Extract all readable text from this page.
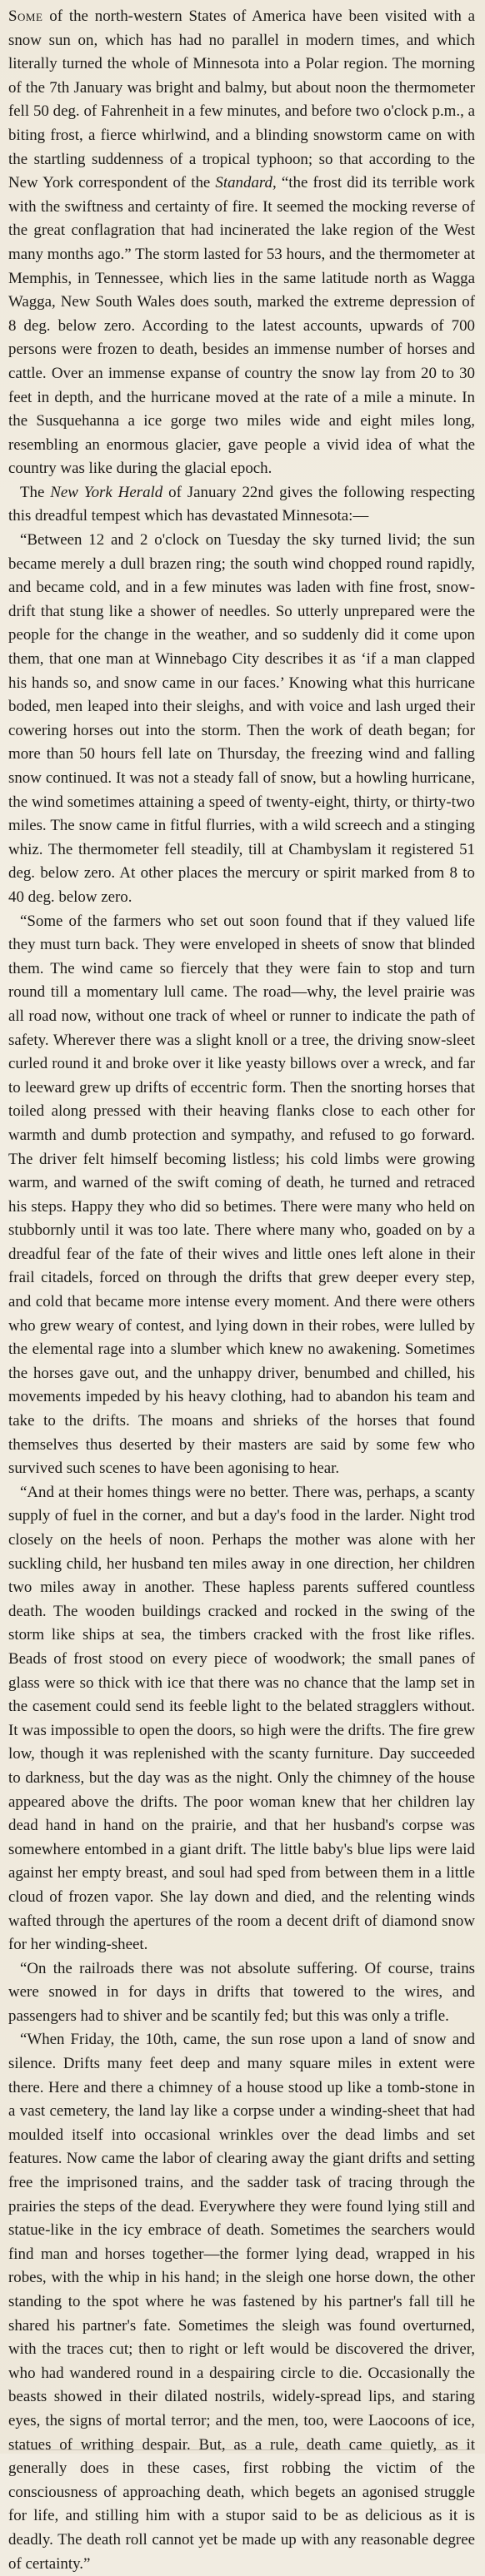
Some of the north-western States of America have been visited with a snow sun on, which has had no parallel in modern times, and which literally turned the whole of Minnesota into a Polar region. The morning of the 7th January was bright and balmy, but about noon the thermometer fell 50 deg. of Fahrenheit in a few minutes, and before two o'clock p.m., a biting frost, a fierce whirlwind, and a blinding snowstorm came on with the startling suddenness of a tropical typhoon; so that according to the New York correspondent of the Standard, “the frost did its terrible work with the swiftness and certainty of fire. It seemed the mocking reverse of the great conflagration that had incinerated the lake region of the West many months ago.” The storm lasted for 53 hours, and the thermometer at Memphis, in Tennessee, which lies in the same latitude north as Wagga Wagga, New South Wales does south, marked the extreme depression of 8 deg. below zero. According to the latest accounts, upwards of 700 persons were frozen to death, besides an immense number of horses and cattle. Over an immense expanse of country the snow lay from 20 to 30 feet in depth, and the hurricane moved at the rate of a mile a minute. In the Susquehanna a ice gorge two miles wide and eight miles long, resembling an enormous glacier, gave people a vivid idea of what the country was like during the glacial epoch.

The New York Herald of January 22nd gives the following respecting this dreadful tempest which has devastated Minnesota:—

“Between 12 and 2 o'clock on Tuesday the sky turned livid; the sun became merely a dull brazen ring; the south wind chopped round rapidly, and became cold, and in a few minutes was laden with fine frost, snow-drift that stung like a shower of needles. So utterly unprepared were the people for the change in the weather, and so suddenly did it come upon them, that one man at Winnebago City describes it as ‘if a man clapped his hands so, and snow came in our faces.’ Knowing what this hurricane boded, men leaped into their sleighs, and with voice and lash urged their cowering horses out into the storm. Then the work of death began; for more than 50 hours fell late on Thursday, the freezing wind and falling snow continued. It was not a steady fall of snow, but a howling hurricane, the wind sometimes attaining a speed of twenty-eight, thirty, or thirty-two miles. The snow came in fitful flurries, with a wild screech and a stinging whiz. The thermometer fell steadily, till at Chambyslam it registered 51 deg. below zero. At other places the mercury or spirit marked from 8 to 40 deg. below zero.

“Some of the farmers who set out soon found that if they valued life they must turn back. They were enveloped in sheets of snow that blinded them. The wind came so fiercely that they were fain to stop and turn round till a momentary lull came. The road—why, the level prairie was all road now, without one track of wheel or runner to indicate the path of safety. Wherever there was a slight knoll or a tree, the driving snow-sleet curled round it and broke over it like yeasty billows over a wreck, and far to leeward grew up drifts of eccentric form. Then the snorting horses that toiled along pressed with their heaving flanks close to each other for warmth and dumb protection and sympathy, and refused to go forward. The driver felt himself becoming listless; his cold limbs were growing warm, and warned of the swift coming of death, he turned and retraced his steps. Happy they who did so betimes. There were many who held on stubbornly until it was too late. There where many who, goaded on by a dreadful fear of the fate of their wives and little ones left alone in their frail citadels, forced on through the drifts that grew deeper every step, and cold that became more intense every moment. And there were others who grew weary of contest, and lying down in their robes, were lulled by the elemental rage into a slumber which knew no awakening. Sometimes the horses gave out, and the unhappy driver, benumbed and chilled, his movements impeded by his heavy clothing, had to abandon his team and take to the drifts. The moans and shrieks of the horses that found themselves thus deserted by their masters are said by some few who survived such scenes to have been agonising to hear.

“And at their homes things were no better. There was, perhaps, a scanty supply of fuel in the corner, and but a day's food in the larder. Night trod closely on the heels of noon. Perhaps the mother was alone with her suckling child, her husband ten miles away in one direction, her children two miles away in another. These hapless parents suffered countless death. The wooden buildings cracked and rocked in the swing of the storm like ships at sea, the timbers cracked with the frost like rifles. Beads of frost stood on every piece of woodwork; the small panes of glass were so thick with ice that there was no chance that the lamp set in the casement could send its feeble light to the belated stragglers without. It was impossible to open the doors, so high were the drifts. The fire grew low, though it was replenished with the scanty furniture. Day succeeded to darkness, but the day was as the night. Only the chimney of the house appeared above the drifts. The poor woman knew that her children lay dead hand in hand on the prairie, and that her husband's corpse was somewhere entombed in a giant drift. The little baby's blue lips were laid against her empty breast, and soul had sped from between them in a little cloud of frozen vapor. She lay down and died, and the relenting winds wafted through the apertures of the room a decent drift of diamond snow for her winding-sheet.

“On the railroads there was not absolute suffering. Of course, trains were snowed in for days in drifts that towered to the wires, and passengers had to shiver and be scantily fed; but this was only a trifle.

“When Friday, the 10th, came, the sun rose upon a land of snow and silence. Drifts many feet deep and many square miles in extent were there. Here and there a chimney of a house stood up like a tomb-stone in a vast cemetery, the land lay like a corpse under a winding-sheet that had moulded itself into occasional wrinkles over the dead limbs and set features. Now came the labor of clearing away the giant drifts and setting free the imprisoned trains, and the sadder task of tracing through the prairies the steps of the dead. Everywhere they were found lying still and statue-like in the icy embrace of death. Sometimes the searchers would find man and horses together—the former lying dead, wrapped in his robes, with the whip in his hand; in the sleigh one horse down, the other standing to the spot where he was fastened by his partner's fall till he shared his partner's fate. Sometimes the sleigh was found overturned, with the traces cut; then to right or left would be discovered the driver, who had wandered round in a despairing circle to die. Occasionally the beasts showed in their dilated nostrils, widely-spread lips, and staring eyes, the signs of mortal terror; and the men, too, were Laocoons of ice, statues of writhing despair. But, as a rule, death came quietly, as it generally does in these cases, first robbing the victim of the consciousness of approaching death, which begets an agonised struggle for life, and stilling him with a stupor said to be as delicious as it is deadly. The death roll cannot yet be made up with any reasonable degree of certainty.”
